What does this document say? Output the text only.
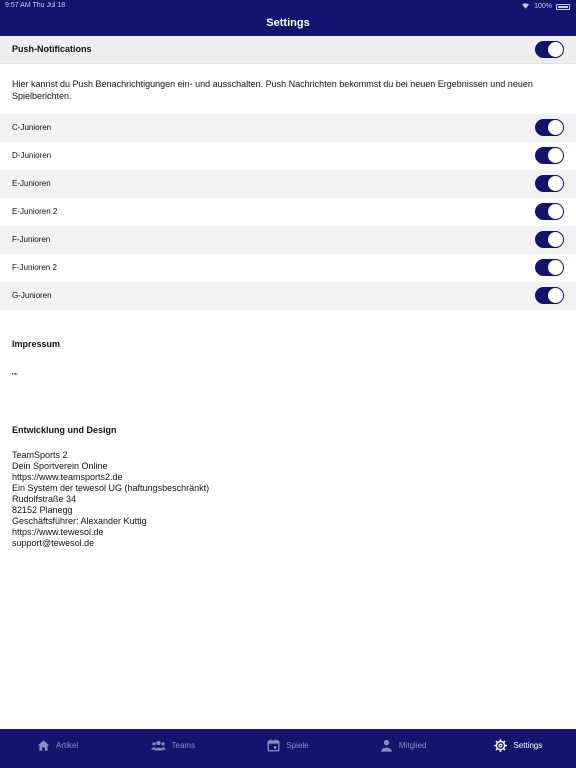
9:57 AM Thu Jul 18	100%
Settings
Push-Notifications
Hier kannst du Push Benachrichtigungen ein- und ausschalten. Push Nachrichten bekommst du bei neuen Ergebnissen und neuen Spielberichten.
C-Junioren
D-Junioren
E-Junioren
E-Junioren 2
F-Junioren
F-Junioren 2
G-Junioren
Impressum
""
Entwicklung und Design
TeamSports 2
Dein Sportverein Online
https://www.teamsports2.de
Ein System der tewesol UG (haftungsbeschränkt)
Rudolfstraße 34
82152 Planegg
Geschäftsführer: Alexander Kuttig
https://www.tewesol.de
support@tewesol.de
Artikel	Teams	Spiele	Mitglied	Settings
